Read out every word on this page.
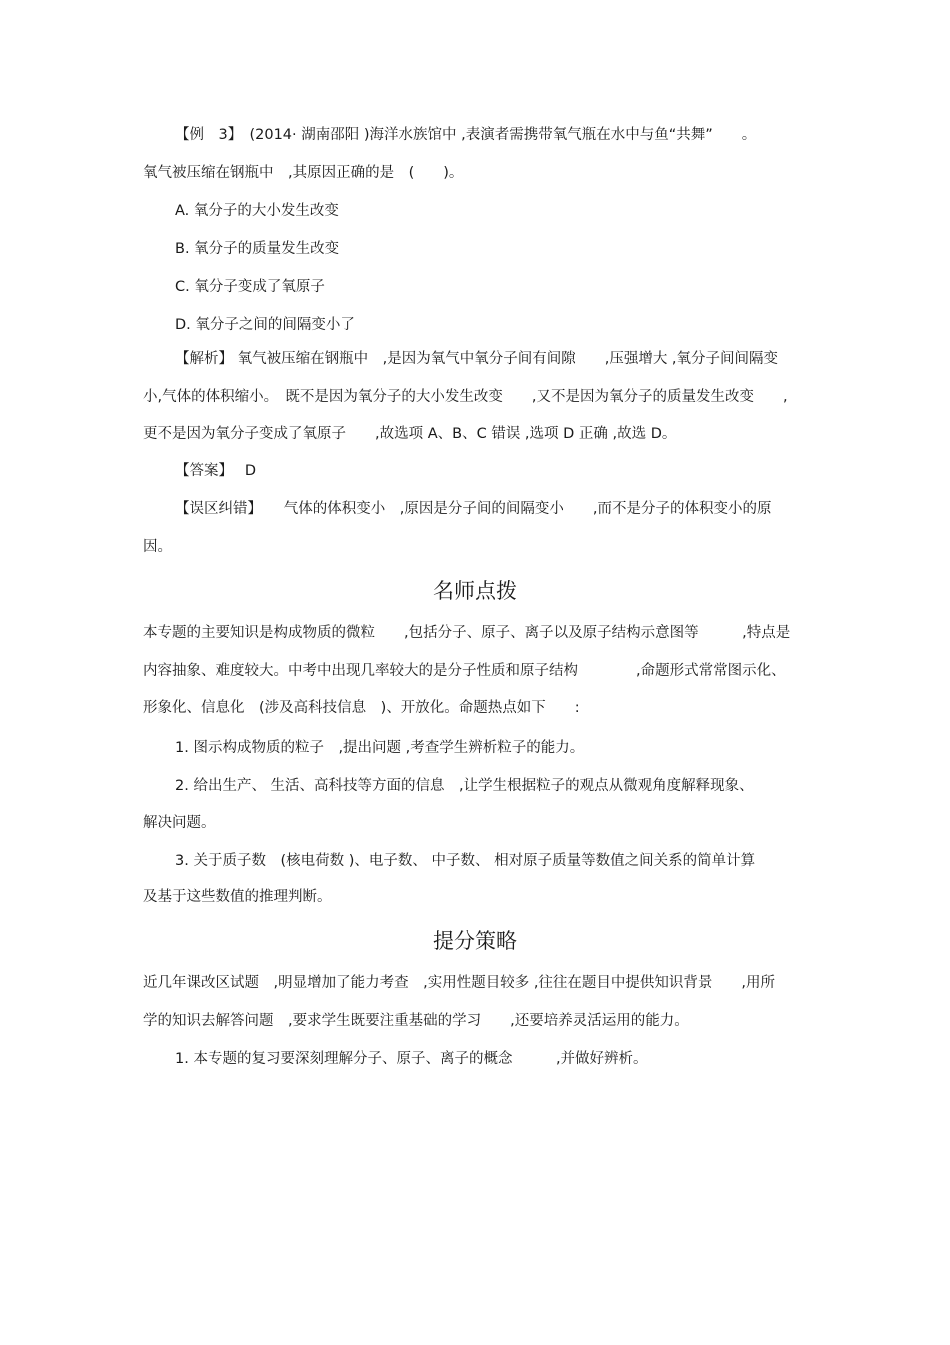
【例　3】　(2014· 湖南邵阳 )海洋水族馆中 ,表演者需携带氧气瓶在水中与鱼“共舞”　　。
氧气被压缩在钢瓶中　,其原因正确的是　(　　)。
A. 氧分子的大小发生改变
B. 氧分子的质量发生改变
C. 氧分子变成了氧原子
D. 氧分子之间的间隔变小了
【解析】 氧气被压缩在钢瓶中　,是因为氧气中氧分子间有间隙　　,压强增大 ,氧分子间间隔变
小,气体的体积缩小。　既不是因为氧分子的大小发生改变　　,又不是因为氧分子的质量发生改变　　,
更不是因为氧分子变成了氧原子　　,故选项 A、B、C 错误 ,选项 D 正确 ,故选 D。
【答案】　 D
【误区纠错】　　气体的体积变小　,原因是分子间的间隔变小　　,而不是分子的体积变小的原
因。
名师点拨
本专题的主要知识是构成物质的微粒　　,包括分子、原子、离子以及原子结构示意图等　　　,特点是
内容抽象、难度较大。中考中出现几率较大的是分子性质和原子结构　　　　,命题形式常常图示化、
形象化、信息化　(涉及高科技信息　)、开放化。命题热点如下　　:
1. 图示构成物质的粒子　,提出问题 ,考查学生辨析粒子的能力。
2. 给出生产、 生活、高科技等方面的信息　,让学生根据粒子的观点从微观角度解释现象、
解决问题。
3. 关于质子数　(核电荷数 )、电子数、 中子数、 相对原子质量等数值之间关系的简单计算
及基于这些数值的推理判断。
提分策略
近几年课改区试题　,明显增加了能力考查　,实用性题目较多 ,往往在题目中提供知识背景　　,用所
学的知识去解答问题　,要求学生既要注重基础的学习　　,还要培养灵活运用的能力。
1. 本专题的复习要深刻理解分子、原子、离子的概念　　　,并做好辨析。
